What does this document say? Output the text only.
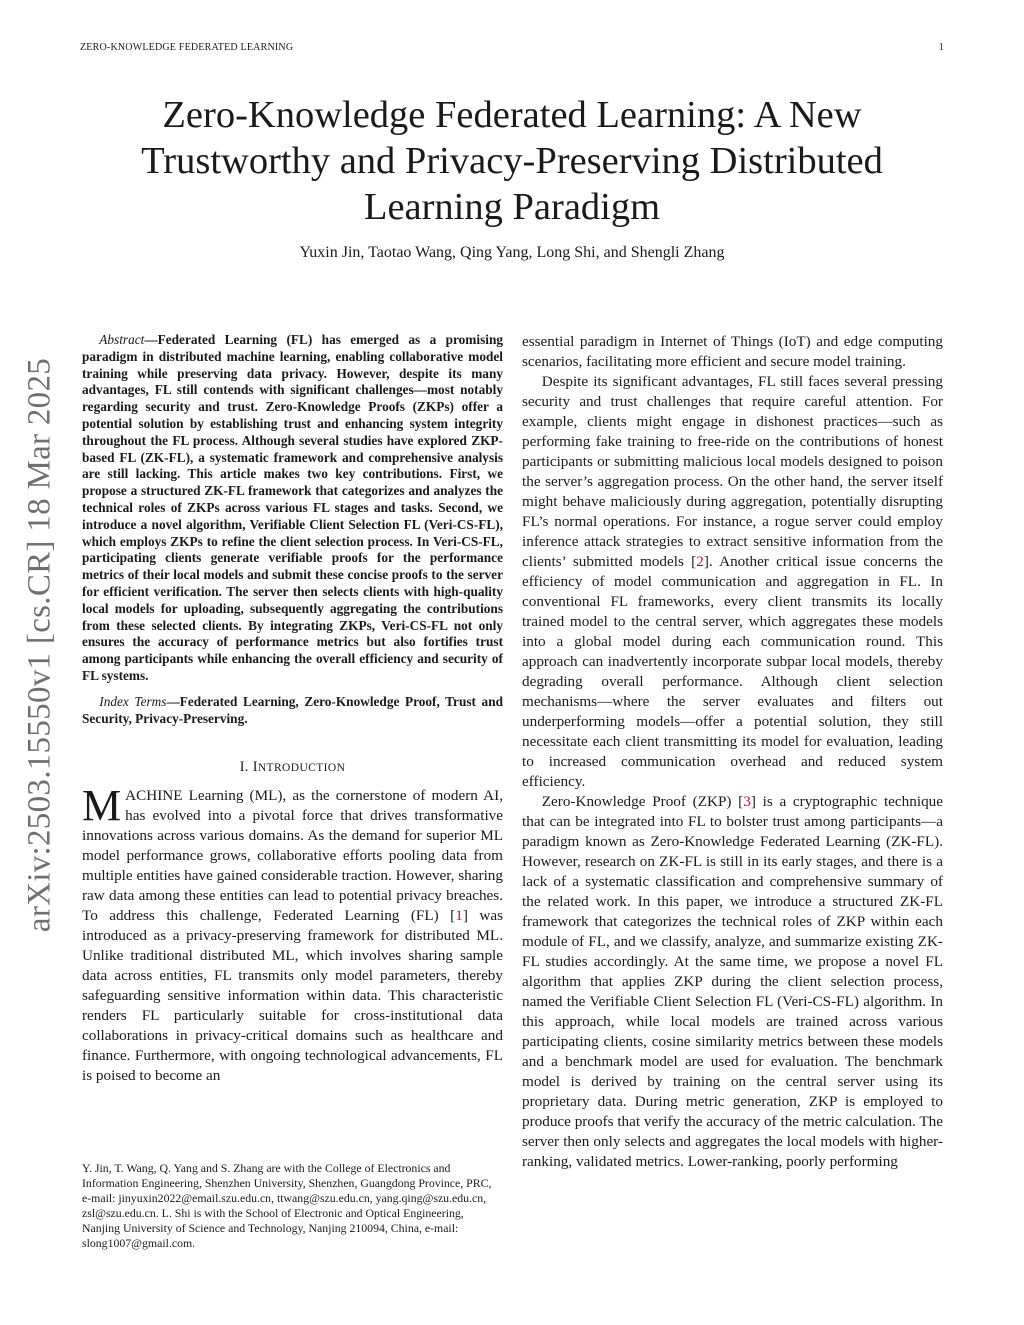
ZERO-KNOWLEDGE FEDERATED LEARNING	1
Zero-Knowledge Federated Learning: A New
Trustworthy and Privacy-Preserving Distributed
Learning Paradigm
Yuxin Jin, Taotao Wang, Qing Yang, Long Shi, and Shengli Zhang
arXiv:2503.15550v1 [cs.CR] 18 Mar 2025

Abstract—Federated Learning (FL) has emerged as a promising paradigm in distributed machine learning, enabling collaborative model training while preserving data privacy. However, despite its many advantages, FL still contends with significant challenges—most notably regarding security and trust. Zero-Knowledge Proofs (ZKPs) offer a potential solution by establishing trust and enhancing system integrity throughout the FL process. Although several studies have explored ZKP-based FL (ZK-FL), a systematic framework and comprehensive analysis are still lacking. This article makes two key contributions. First, we propose a structured ZK-FL framework that categorizes and analyzes the technical roles of ZKPs across various FL stages and tasks. Second, we introduce a novel algorithm, Verifiable Client Selection FL (Veri-CS-FL), which employs ZKPs to refine the client selection process. In Veri-CS-FL, participating clients generate verifiable proofs for the performance metrics of their local models and submit these concise proofs to the server for efficient verification. The server then selects clients with high-quality local models for uploading, subsequently aggregating the contributions from these selected clients. By integrating ZKPs, Veri-CS-FL not only ensures the accuracy of performance metrics but also fortifies trust among participants while enhancing the overall efficiency and security of FL systems.

Index Terms—Federated Learning, Zero-Knowledge Proof, Trust and Security, Privacy-Preserving.

I. INTRODUCTION

MACHINE Learning (ML), as the cornerstone of modern AI, has evolved into a pivotal force that drives transformative innovations across various domains. As the demand for superior ML model performance grows, collaborative efforts pooling data from multiple entities have gained considerable traction. However, sharing raw data among these entities can lead to potential privacy breaches. To address this challenge, Federated Learning (FL) [1] was introduced as a privacy-preserving framework for distributed ML. Unlike traditional distributed ML, which involves sharing sample data across entities, FL transmits only model parameters, thereby safeguarding sensitive information within data. This characteristic renders FL particularly suitable for cross-institutional data collaborations in privacy-critical domains such as healthcare and finance. Furthermore, with ongoing technological advancements, FL is poised to become an

Y. Jin, T. Wang, Q. Yang and S. Zhang are with the College of Electronics and Information Engineering, Shenzhen University, Shenzhen, Guangdong Province, PRC, e-mail: jinyuxin2022@email.szu.edu.cn, ttwang@szu.edu.cn, yang.qing@szu.edu.cn, zsl@szu.edu.cn. L. Shi is with the School of Electronic and Optical Engineering, Nanjing University of Science and Technology, Nanjing 210094, China, e-mail: slong1007@gmail.com.

essential paradigm in Internet of Things (IoT) and edge computing scenarios, facilitating more efficient and secure model training.

Despite its significant advantages, FL still faces several pressing security and trust challenges that require careful attention. For example, clients might engage in dishonest practices—such as performing fake training to free-ride on the contributions of honest participants or submitting malicious local models designed to poison the server’s aggregation process. On the other hand, the server itself might behave maliciously during aggregation, potentially disrupting FL’s normal operations. For instance, a rogue server could employ inference attack strategies to extract sensitive information from the clients’ submitted models [2]. Another critical issue concerns the efficiency of model communication and aggregation in FL. In conventional FL frameworks, every client transmits its locally trained model to the central server, which aggregates these models into a global model during each communication round. This approach can inadvertently incorporate subpar local models, thereby degrading overall performance. Although client selection mechanisms—where the server evaluates and filters out underperforming models—offer a potential solution, they still necessitate each client transmitting its model for evaluation, leading to increased communication overhead and reduced system efficiency.

Zero-Knowledge Proof (ZKP) [3] is a cryptographic technique that can be integrated into FL to bolster trust among participants—a paradigm known as Zero-Knowledge Federated Learning (ZK-FL). However, research on ZK-FL is still in its early stages, and there is a lack of a systematic classification and comprehensive summary of the related work. In this paper, we introduce a structured ZK-FL framework that categorizes the technical roles of ZKP within each module of FL, and we classify, analyze, and summarize existing ZK-FL studies accordingly. At the same time, we propose a novel FL algorithm that applies ZKP during the client selection process, named the Verifiable Client Selection FL (Veri-CS-FL) algorithm. In this approach, while local models are trained across various participating clients, cosine similarity metrics between these models and a benchmark model are used for evaluation. The benchmark model is derived by training on the central server using its proprietary data. During metric generation, ZKP is employed to produce proofs that verify the accuracy of the metric calculation. The server then only selects and aggregates the local models with higher-ranking, validated metrics. Lower-ranking, poorly performing
